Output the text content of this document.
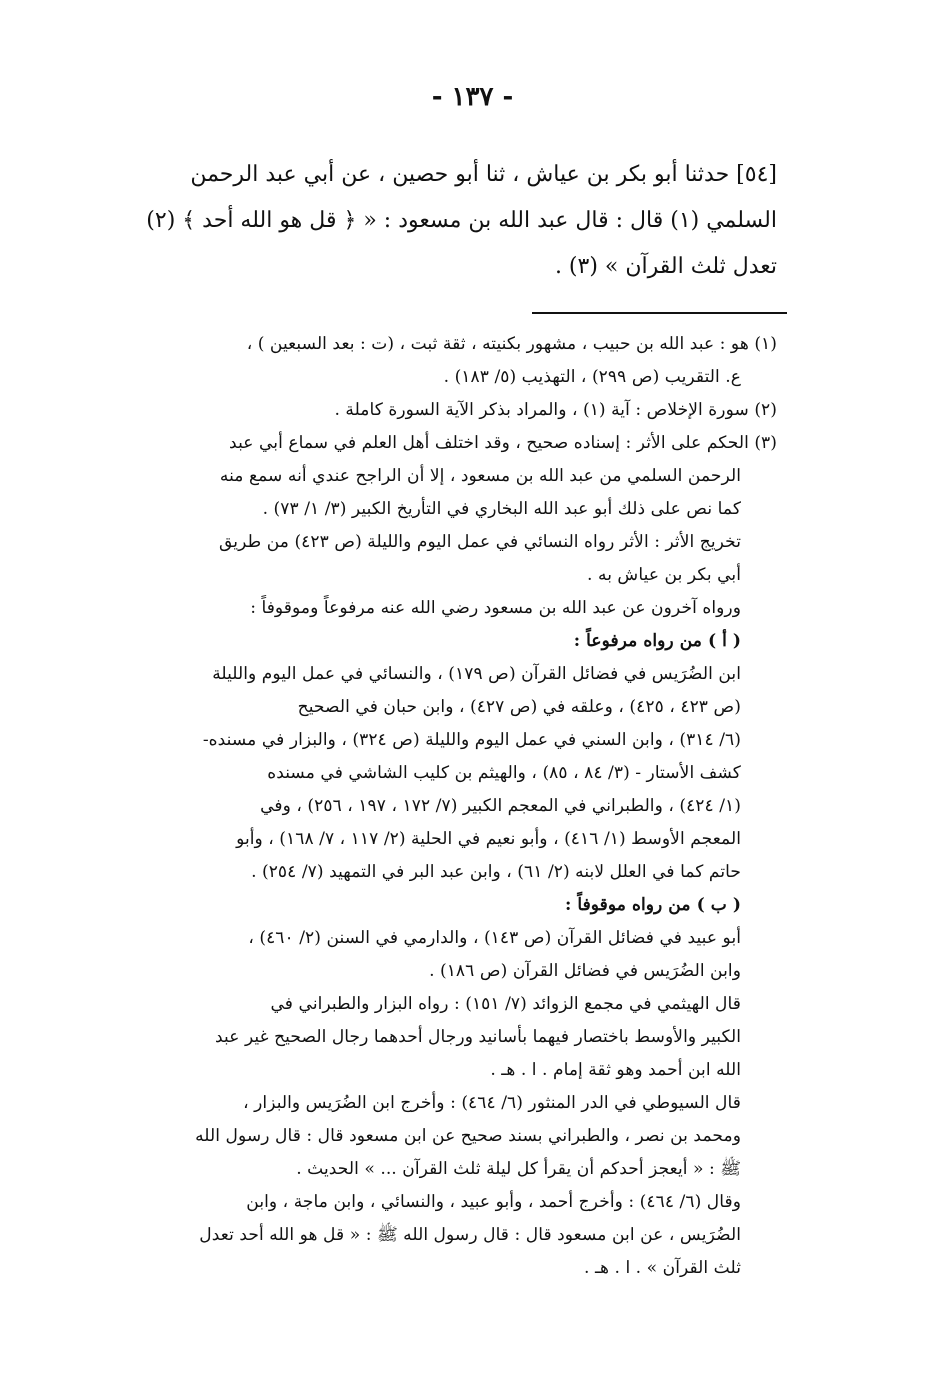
- ١٣٧ -

[٥٤] حدثنا أبو بكر بن عياش ، ثنا أبو حصين ، عن أبي عبد الرحمن

السلمي (١) قال : قال عبد الله بن مسعود : « ﴿ قل هو الله أحد ﴾ (٢)

تعدل ثلث القرآن » (٣) .

(١) هو : عبد الله بن حبيب ، مشهور بكنيته ، ثقة ثبت ، (ت : بعد السبعين ) ،

ع. التقريب (ص ٢٩٩) ، التهذيب (٥/ ١٨٣) .

(٢) سورة الإخلاص : آية (١) ، والمراد بذكر الآية السورة كاملة .

(٣) الحكم على الأثر : إسناده صحيح ، وقد اختلف أهل العلم في سماع أبي عبد

الرحمن السلمي من عبد الله بن مسعود ، إلا أن الراجح عندي أنه سمع منه

كما نص على ذلك أبو عبد الله البخاري في التأريخ الكبير (٣/ ١/ ٧٣) .

تخريج الأثر : الأثر رواه النسائي في عمل اليوم والليلة (ص ٤٢٣) من طريق

أبي بكر بن عياش به .

ورواه آخرون عن عبد الله بن مسعود رضي الله عنه مرفوعاً وموقوفاً :

( أ ) من رواه مرفوعاً :

ابن الضُرَيس في فضائل القرآن (ص ١٧٩) ، والنسائي في عمل اليوم والليلة

(ص ٤٢٣ ، ٤٢٥) ، وعلقه في (ص ٤٢٧) ، وابن حبان في الصحيح

(٦/ ٣١٤) ، وابن السني في عمل اليوم والليلة (ص ٣٢٤) ، والبزار في مسنده-

كشف الأستار - (٣/ ٨٤ ، ٨٥) ، والهيثم بن كليب الشاشي في مسنده

(١/ ٤٢٤) ، والطبراني في المعجم الكبير (٧/ ١٧٢ ، ١٩٧ ، ٢٥٦) ، وفي

المعجم الأوسط (١/ ٤١٦) ، وأبو نعيم في الحلية (٢/ ١١٧ ، ٧/ ١٦٨) ، وأبو

حاتم كما في العلل لابنه (٢/ ٦١) ، وابن عبد البر في التمهيد (٧/ ٢٥٤) .

( ب ) من رواه موقوفاً :

أبو عبيد في فضائل القرآن (ص ١٤٣) ، والدارمي في السنن (٢/ ٤٦٠) ،

وابن الضُرَيس في فضائل القرآن (ص ١٨٦) .

قال الهيثمي في مجمع الزوائد (٧/ ١٥١) : رواه البزار والطبراني في

الكبير والأوسط باختصار فيهما بأسانيد ورجال أحدهما رجال الصحيح غير عبد

الله ابن أحمد وهو ثقة إمام . ا . هـ .

قال السيوطي في الدر المنثور (٦/ ٤٦٤) : وأخرج ابن الضُرَيس والبزار ،

ومحمد بن نصر ، والطبراني بسند صحيح عن ابن مسعود قال : قال رسول الله

ﷺ : « أيعجز أحدكم أن يقرأ كل ليلة ثلث القرآن ... » الحديث .

وقال (٦/ ٤٦٤) : وأخرج أحمد ، وأبو عبيد ، والنسائي ، وابن ماجة ، وابن

الضُرَيس ، عن ابن مسعود قال : قال رسول الله ﷺ : « قل هو الله أحد تعدل

ثلث القرآن » . ا . هـ .
